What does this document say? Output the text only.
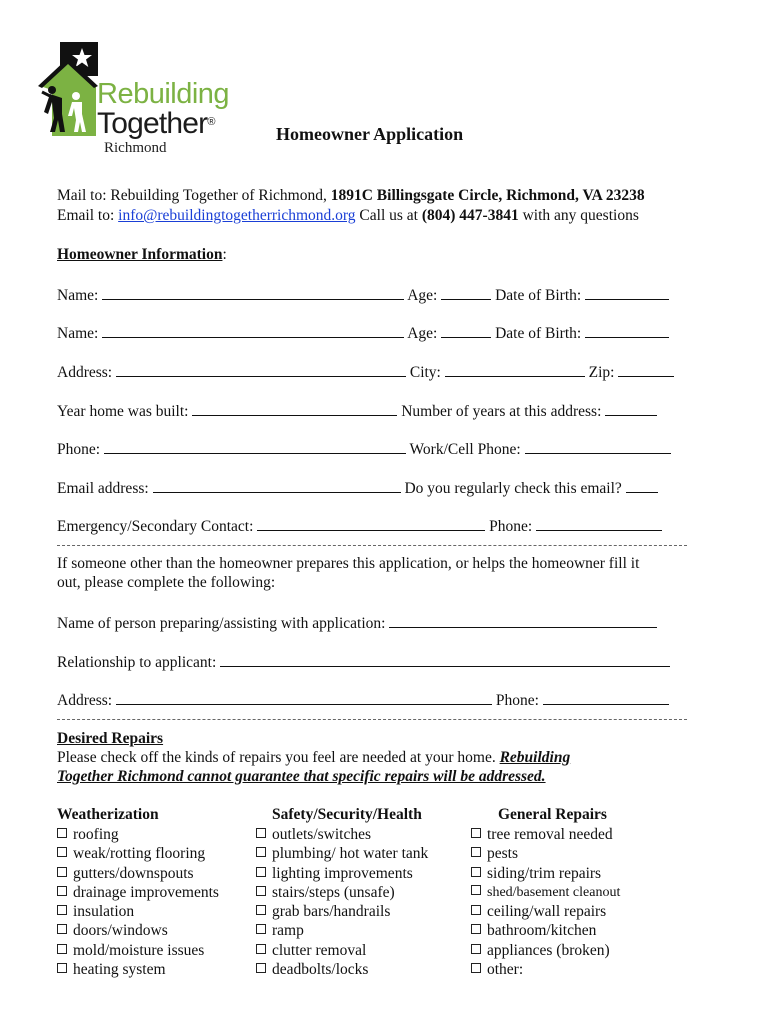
Rebuilding
Together®
Richmond
Homeowner Application
Mail to: Rebuilding Together of Richmond, 1891C Billingsgate Circle, Richmond, VA 23238
Email to: info@rebuildingtogetherrichmond.org Call us at (804) 447-3841 with any questions
Homeowner Information:
Name:	Age:	Date of Birth:
Name:	Age:	Date of Birth:
Address:	City:	Zip:
Year home was built:	Number of years at this address:
Phone:	Work/Cell Phone:
Email address:	Do you regularly check this email?
Emergency/Secondary Contact:	Phone:
If someone other than the homeowner prepares this application, or helps the homeowner fill it
out, please complete the following:
Name of person preparing/assisting with application:
Relationship to applicant:
Address:	Phone:
Desired Repairs
Please check off the kinds of repairs you feel are needed at your home. Rebuilding
Together Richmond cannot guarantee that specific repairs will be addressed.
Weatherization
roofing
weak/rotting flooring
gutters/downspouts
drainage improvements
insulation
doors/windows
mold/moisture issues
heating system
Safety/Security/Health
outlets/switches
plumbing/ hot water tank
lighting improvements
stairs/steps (unsafe)
grab bars/handrails
ramp
clutter removal
deadbolts/locks
General Repairs
tree removal needed
pests
siding/trim repairs
shed/basement cleanout
ceiling/wall repairs
bathroom/kitchen
appliances (broken)
other:
